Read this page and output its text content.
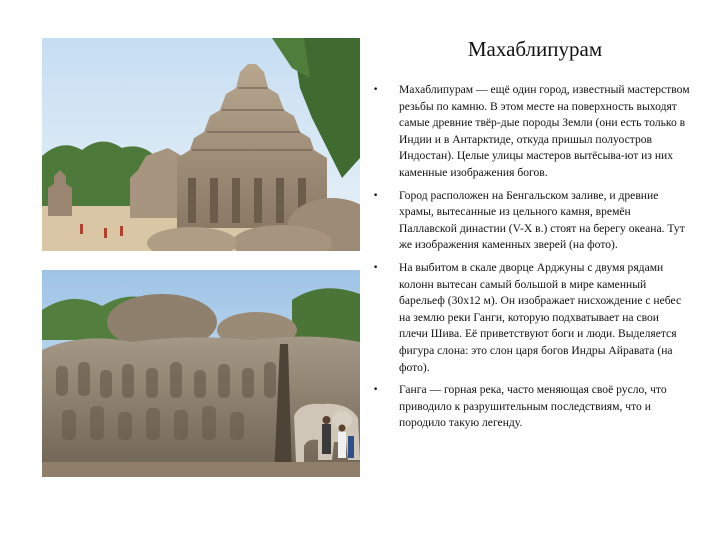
Махаблипурам
• Махаблипурам — ещё один город, известный мастерством резьбы по камню. В этом месте на поверхность выходят самые древние твёр-дые породы Земли (они есть только в Индии и в Антарктиде, откуда пришыл полуостров Индостан). Целые улицы мастеров вытёсыва-ют из них каменные изображения богов.
• Город расположен на Бенгальском заливе, и древние храмы, вытесанные из цельного камня, времён Паллавской династии (V-X в.) стоят на берегу океана. Тут же изображения каменных зверей (на фото).
• На выбитом в скале дворце Арджуны с двумя рядами колонн вытесан самый большой в мире каменный барельеф (30х12 м). Он изображает нисхождение с небес на землю реки Ганги, которую подхватывает на свои плечи Шива. Её приветствуют боги и люди. Выделяется фигура слона: это слон царя богов Индры Айравата (на фото).
• Ганга — горная река, часто меняющая своё русло, что приводило к разрушительным последствиям, что и породило такую легенду.
